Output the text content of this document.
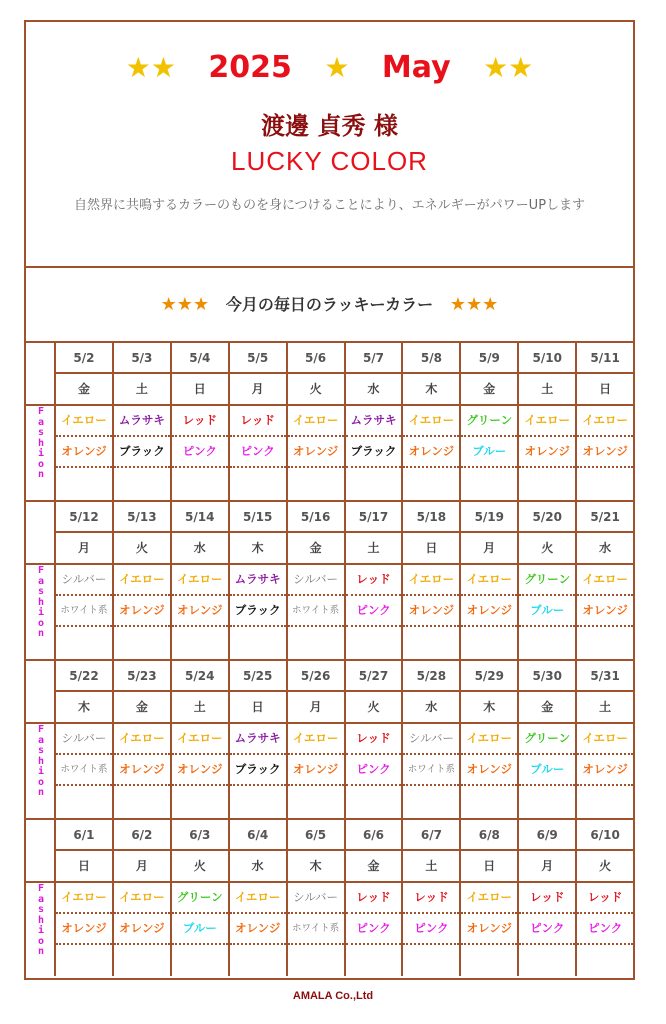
★★ 2025 ★ May ★★
渡邊 貞秀 様
LUCKY COLOR
自然界に共鳴するカラーのものを身につけることにより、エネルギーがパワーUPします
★★★ 今月の毎日のラッキーカラー ★★★
Fashion
5/2
金
イエロー
オレンジ
5/3
土
ムラサキ
ブラック
5/4
日
レッド
ピンク
5/5
月
レッド
ピンク
5/6
火
イエロー
オレンジ
5/7
水
ムラサキ
ブラック
5/8
木
イエロー
オレンジ
5/9
金
グリーン
ブルー
5/10
土
イエロー
オレンジ
5/11
日
イエロー
オレンジ
Fashion
5/12
月
シルバー
ホワイト系
5/13
火
イエロー
オレンジ
5/14
水
イエロー
オレンジ
5/15
木
ムラサキ
ブラック
5/16
金
シルバー
ホワイト系
5/17
土
レッド
ピンク
5/18
日
イエロー
オレンジ
5/19
月
イエロー
オレンジ
5/20
火
グリーン
ブルー
5/21
水
イエロー
オレンジ
Fashion
5/22
木
シルバー
ホワイト系
5/23
金
イエロー
オレンジ
5/24
土
イエロー
オレンジ
5/25
日
ムラサキ
ブラック
5/26
月
イエロー
オレンジ
5/27
火
レッド
ピンク
5/28
水
シルバー
ホワイト系
5/29
木
イエロー
オレンジ
5/30
金
グリーン
ブルー
5/31
土
イエロー
オレンジ
Fashion
6/1
日
イエロー
オレンジ
6/2
月
イエロー
オレンジ
6/3
火
グリーン
ブルー
6/4
水
イエロー
オレンジ
6/5
木
シルバー
ホワイト系
6/6
金
レッド
ピンク
6/7
土
レッド
ピンク
6/8
日
イエロー
オレンジ
6/9
月
レッド
ピンク
6/10
火
レッド
ピンク
AMALA Co.,Ltd
